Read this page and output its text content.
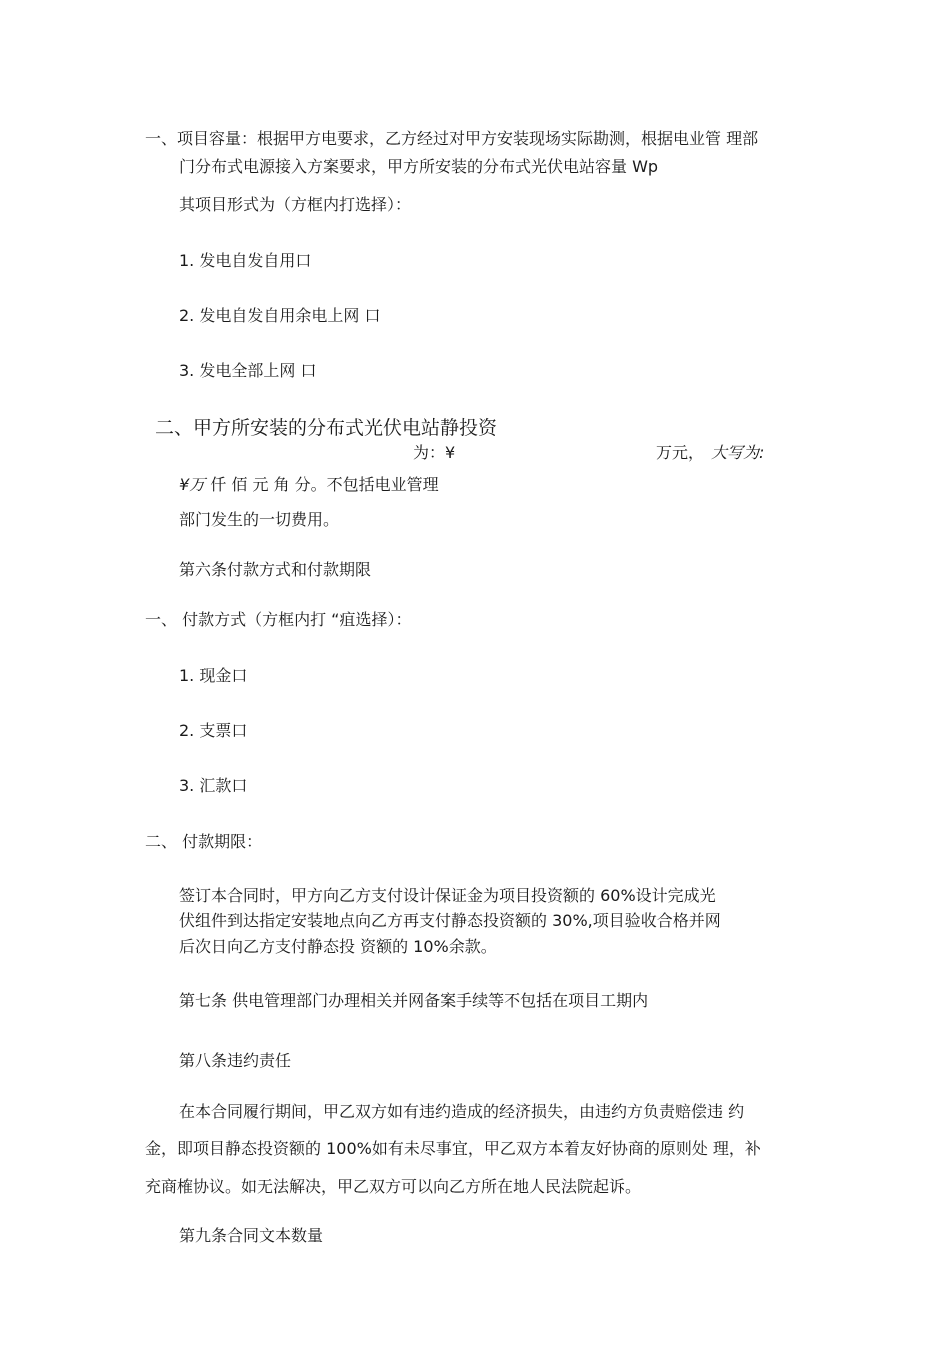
一、项目容量：根据甲方电要求，乙方经过对甲方安装现场实际勘测，根据电业管 理部
门分布式电源接入方案要求，甲方所安装的分布式光伏电站容量 Wp
其项目形式为（方框内打选择）：
1. 发电自发自用口
2. 发电自发自用余电上网 口
3. 发电全部上网 口
二、甲方所安装的分布式光伏电站静投资
为：¥	万元， 大写为:
¥万 仟 佰 元 角 分。不包括电业管理
部门发生的一切费用。
第六条付款方式和付款期限
一、 付款方式（方框内打 “疽选择）：
1. 现金口
2. 支票口
3. 汇款口
二、 付款期限：
签订本合同时，甲方向乙方支付设计保证金为项目投资额的 60%设计完成光
伏组件到达指定安装地点向乙方再支付静态投资额的 30%,项目验收合格并网
后次日向乙方支付静态投 资额的 10%余款。
第七条 供电管理部门办理相关并网备案手续等不包括在项目工期内
第八条违约责任
在本合同履行期间，甲乙双方如有违约造成的经济损失，由违约方负责赔偿违 约
金，即项目静态投资额的 100%如有未尽事宜，甲乙双方本着友好协商的原则处 理，补
充商榷协议。如无法解决，甲乙双方可以向乙方所在地人民法院起诉。
第九条合同文本数量
